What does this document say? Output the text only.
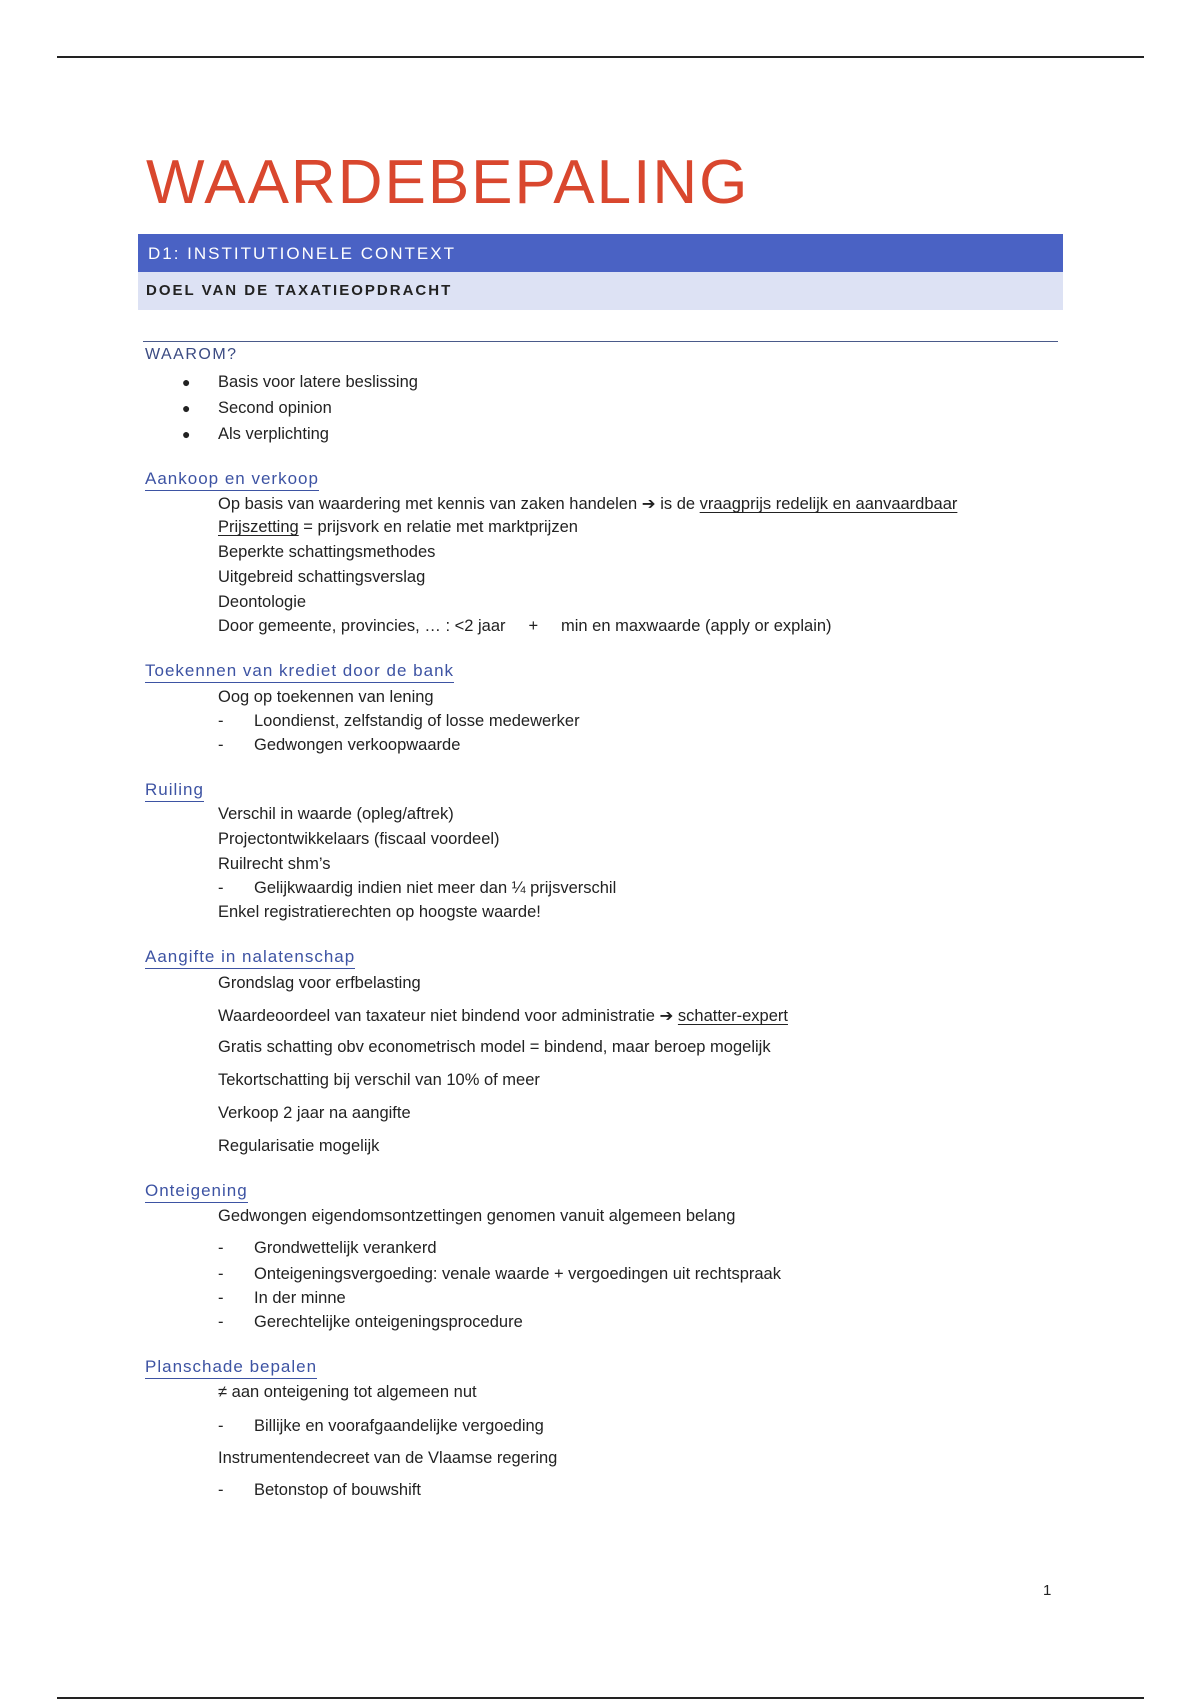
WAARDEBEPALING
D1: INSTITUTIONELE CONTEXT
DOEL VAN DE TAXATIEOPDRACHT
WAAROM?
● Basis voor latere beslissing
● Second opinion
● Als verplichting
Aankoop en verkoop
Op basis van waardering met kennis van zaken handelen ➔ is de vraagprijs redelijk en aanvaardbaar
Prijszetting = prijsvork en relatie met marktprijzen
Beperkte schattingsmethodes
Uitgebreid schattingsverslag
Deontologie
Door gemeente, provincies, … : <2 jaar     +     min en maxwaarde (apply or explain)
Toekennen van krediet door de bank
Oog op toekennen van lening
- Loondienst, zelfstandig of losse medewerker
- Gedwongen verkoopwaarde
Ruiling
Verschil in waarde (opleg/aftrek)
Projectontwikkelaars (fiscaal voordeel)
Ruilrecht shm’s
- Gelijkwaardig indien niet meer dan ¼ prijsverschil
Enkel registratierechten op hoogste waarde!
Aangifte in nalatenschap
Grondslag voor erfbelasting
Waardeoordeel van taxateur niet bindend voor administratie ➔ schatter-expert
Gratis schatting obv econometrisch model = bindend, maar beroep mogelijk
Tekortschatting bij verschil van 10% of meer
Verkoop 2 jaar na aangifte
Regularisatie mogelijk
Onteigening
Gedwongen eigendomsontzettingen genomen vanuit algemeen belang
- Grondwettelijk verankerd
- Onteigeningsvergoeding: venale waarde + vergoedingen uit rechtspraak
- In der minne
- Gerechtelijke onteigeningsprocedure
Planschade bepalen
≠ aan onteigening tot algemeen nut
- Billijke en voorafgaandelijke vergoeding
Instrumentendecreet van de Vlaamse regering
- Betonstop of bouwshift
1
